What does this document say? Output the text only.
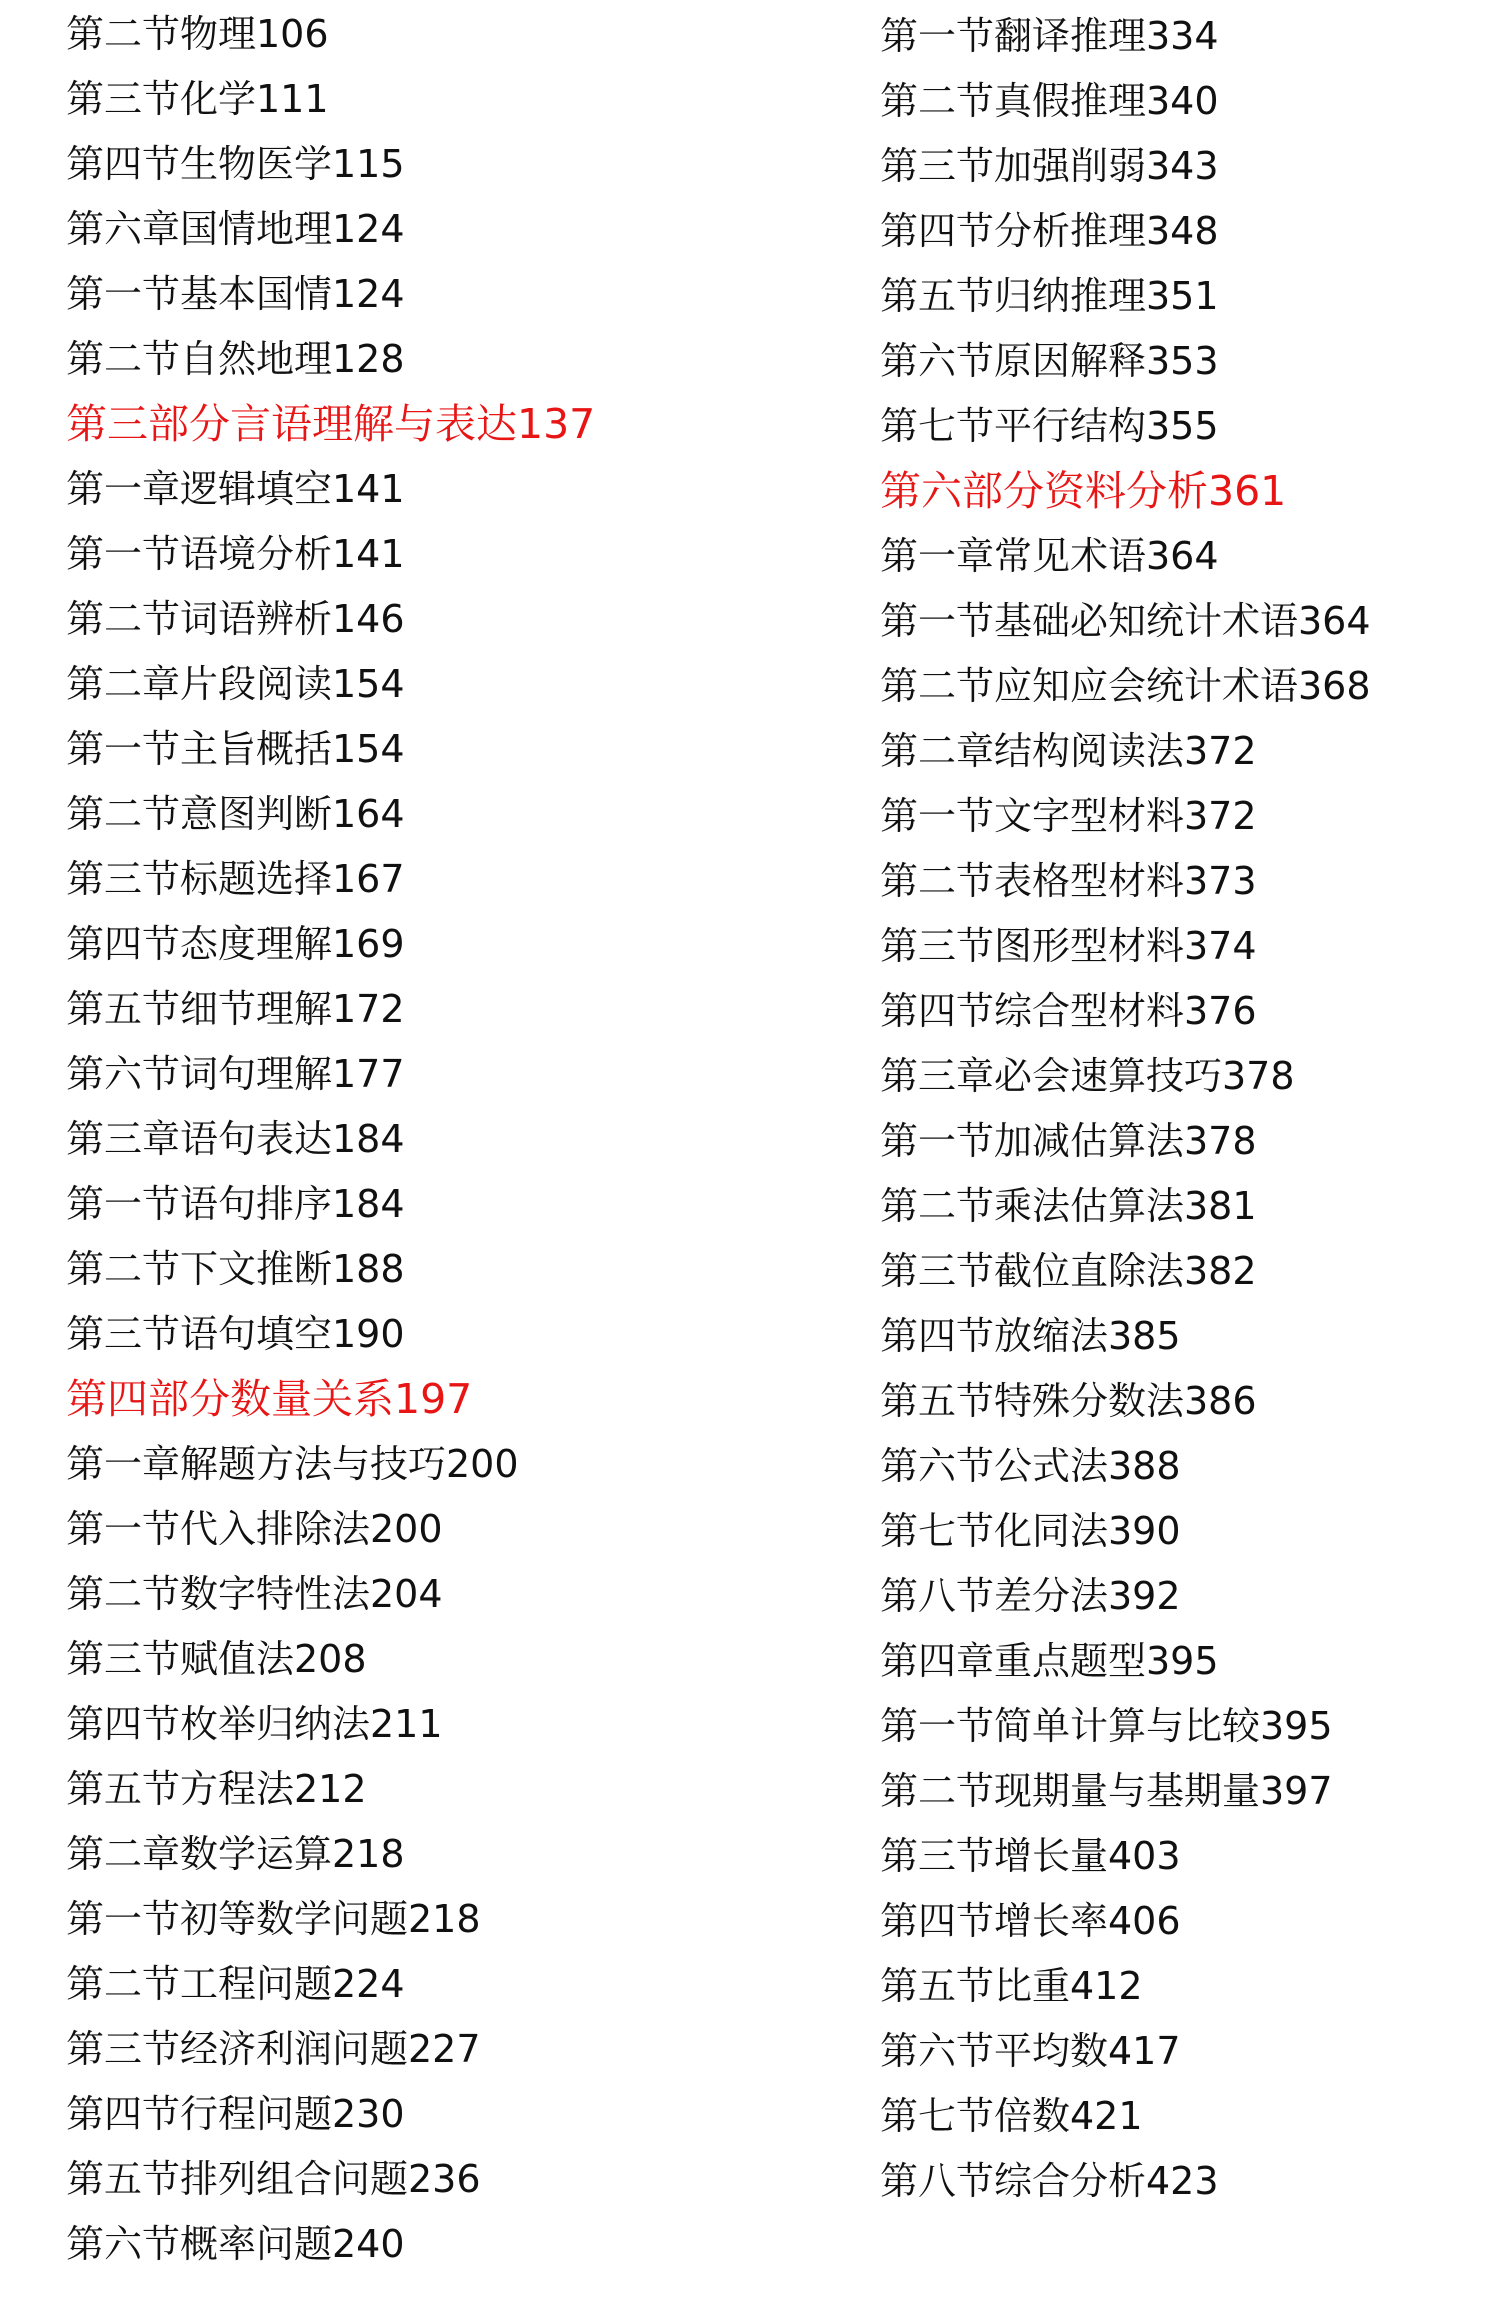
第二节物理106
第三节化学111
第四节生物医学115
第六章国情地理124
第一节基本国情124
第二节自然地理128
第三部分言语理解与表达137
第一章逻辑填空141
第一节语境分析141
第二节词语辨析146
第二章片段阅读154
第一节主旨概括154
第二节意图判断164
第三节标题选择167
第四节态度理解169
第五节细节理解172
第六节词句理解177
第三章语句表达184
第一节语句排序184
第二节下文推断188
第三节语句填空190
第四部分数量关系197
第一章解题方法与技巧200
第一节代入排除法200
第二节数字特性法204
第三节赋值法208
第四节枚举归纳法211
第五节方程法212
第二章数学运算218
第一节初等数学问题218
第二节工程问题224
第三节经济利润问题227
第四节行程问题230
第五节排列组合问题236
第六节概率问题240
第一节翻译推理334
第二节真假推理340
第三节加强削弱343
第四节分析推理348
第五节归纳推理351
第六节原因解释353
第七节平行结构355
第六部分资料分析361
第一章常见术语364
第一节基础必知统计术语364
第二节应知应会统计术语368
第二章结构阅读法372
第一节文字型材料372
第二节表格型材料373
第三节图形型材料374
第四节综合型材料376
第三章必会速算技巧378
第一节加减估算法378
第二节乘法估算法381
第三节截位直除法382
第四节放缩法385
第五节特殊分数法386
第六节公式法388
第七节化同法390
第八节差分法392
第四章重点题型395
第一节简单计算与比较395
第二节现期量与基期量397
第三节增长量403
第四节增长率406
第五节比重412
第六节平均数417
第七节倍数421
第八节综合分析423
